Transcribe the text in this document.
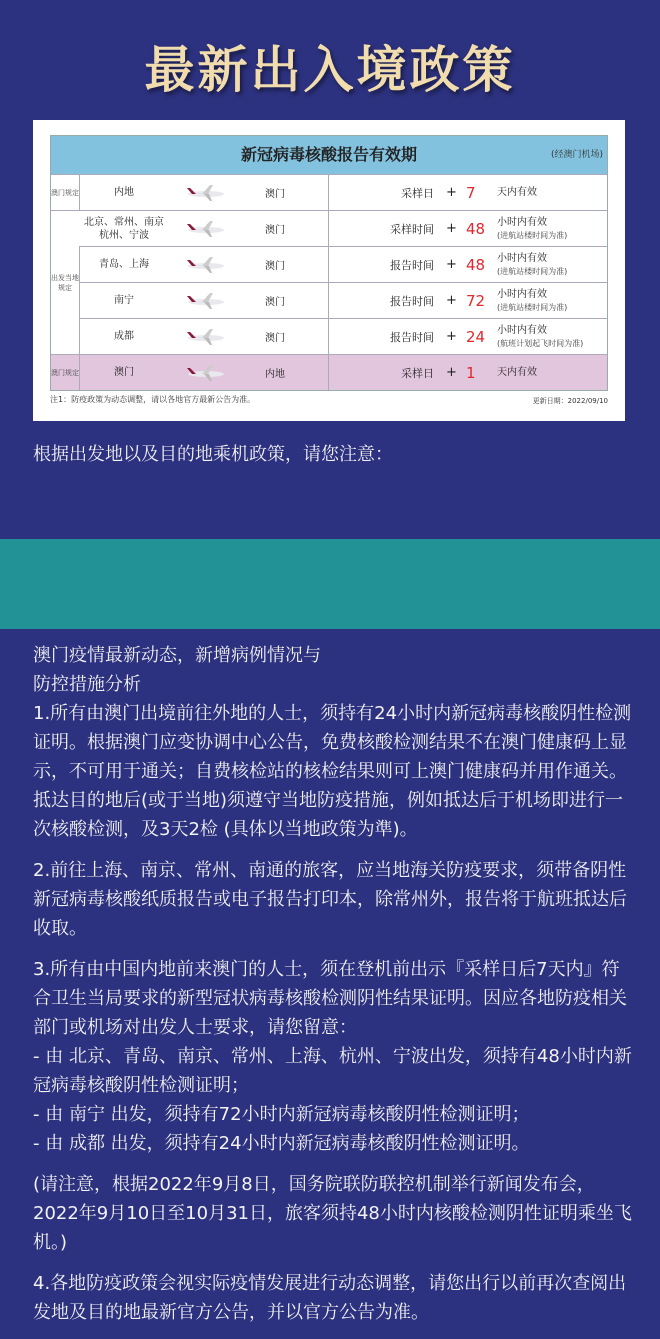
最新出入境政策
新冠病毒核酸报告有效期	(经澳门机场)
澳门规定	内地	澳门	采样日 + 7 天内有效
出发当地规定
北京、常州、南京 杭州、宁波	澳门	采样时间 + 48 小时内有效
(进航站楼时间为准)
青岛、上海	澳门	报告时间 + 48 小时内有效
(进航站楼时间为准)
南宁	澳门	报告时间 + 72 小时内有效
(进航站楼时间为准)
成都	澳门	报告时间 + 24 小时内有效
(航班计划起飞时间为准)
澳门规定	澳门	内地	采样日 + 1 天内有效
注1：防疫政策为动态调整，请以各地官方最新公告为准。	更新日期：2022/09/10

根据出发地以及目的地乘机政策，请您注意：

澳门疫情最新动态，新增病例情况与
防控措施分析
1.所有由澳门出境前往外地的人士，须持有24小时内新冠病毒核酸阴性检测证明。根据澳门应变协调中心公告，免费核酸检测结果不在澳门健康码上显示，不可用于通关；自费核检站的核检结果则可上澳门健康码并用作通关。抵达目的地后(或于当地)须遵守当地防疫措施，例如抵达后于机场即进行一次核酸检测，及3天2检 (具体以当地政策为準)。

2.前往上海、南京、常州、南通的旅客，应当地海关防疫要求，须带备阴性新冠病毒核酸纸质报告或电子报告打印本，除常州外，报告将于航班抵达后收取。

3.所有由中国内地前来澳门的人士，须在登机前出示『采样日后7天内』符合卫生当局要求的新型冠状病毒核酸检测阴性结果证明。因应各地防疫相关部门或机场对出发人士要求，请您留意：
- 由 北京、青岛、南京、常州、上海、杭州、宁波出发，须持有48小时内新冠病毒核酸阴性检测证明；
- 由 南宁 出发，须持有72小时内新冠病毒核酸阴性检测证明；
- 由 成都 出发，须持有24小时内新冠病毒核酸阴性检测证明。

(请注意，根据2022年9月8日，国务院联防联控机制举行新闻发布会，2022年9月10日至10月31日，旅客须持48小时内核酸检测阴性证明乘坐飞机。)

4.各地防疫政策会视实际疫情发展进行动态调整，请您出行以前再次查阅出发地及目的地最新官方公告，并以官方公告为准。
